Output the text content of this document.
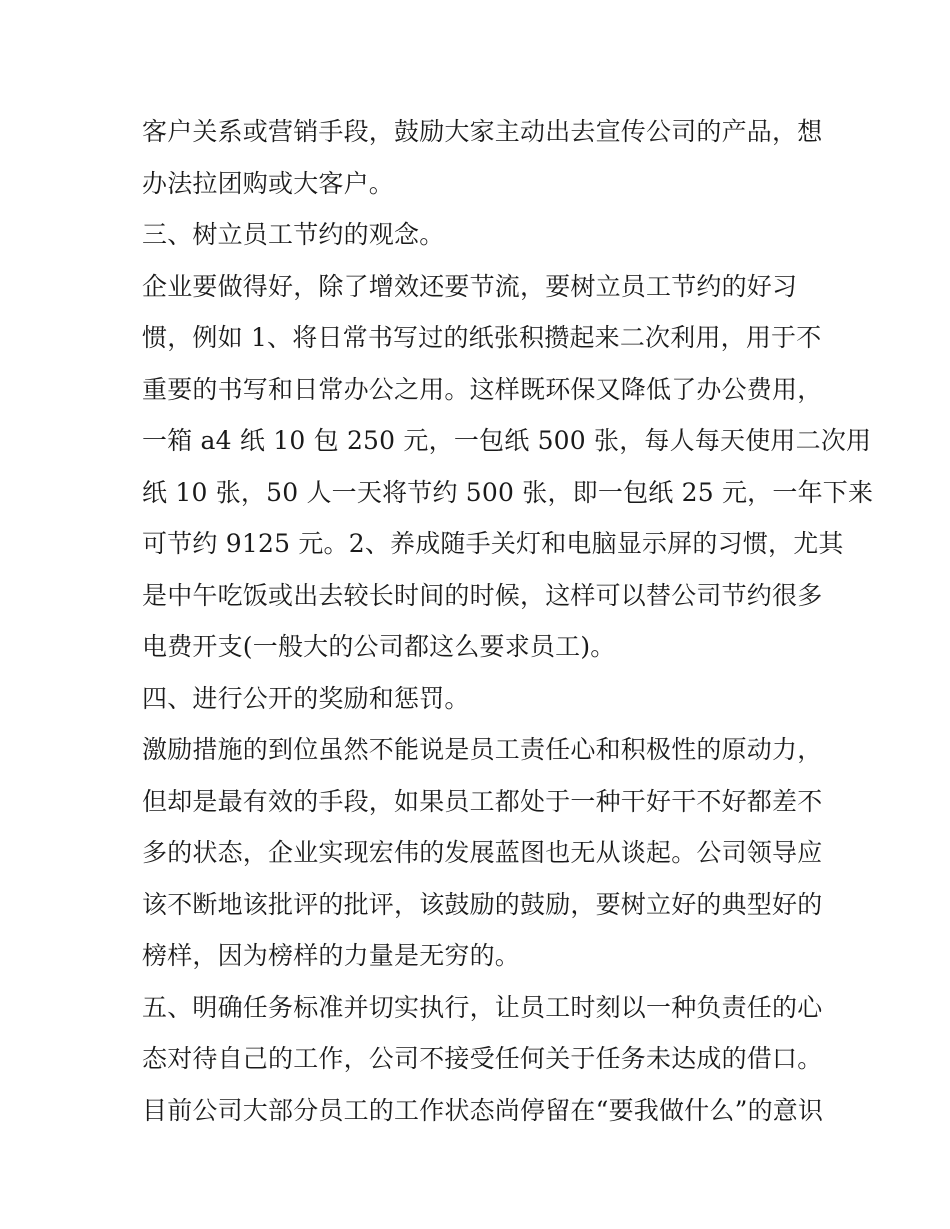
客户关系或营销手段，鼓励大家主动出去宣传公司的产品，想
办法拉团购或大客户。
三、树立员工节约的观念。
企业要做得好，除了增效还要节流，要树立员工节约的好习
惯，例如 1、将日常书写过的纸张积攒起来二次利用，用于不
重要的书写和日常办公之用。这样既环保又降低了办公费用，
一箱 a4 纸 10 包 250 元，一包纸 500 张，每人每天使用二次用
纸 10 张，50 人一天将节约 500 张，即一包纸 25 元，一年下来
可节约 9125 元。2、养成随手关灯和电脑显示屏的习惯，尤其
是中午吃饭或出去较长时间的时候，这样可以替公司节约很多
电费开支(一般大的公司都这么要求员工)。
四、进行公开的奖励和惩罚。
激励措施的到位虽然不能说是员工责任心和积极性的原动力，
但却是最有效的手段，如果员工都处于一种干好干不好都差不
多的状态，企业实现宏伟的发展蓝图也无从谈起。公司领导应
该不断地该批评的批评，该鼓励的鼓励，要树立好的典型好的
榜样，因为榜样的力量是无穷的。
五、明确任务标准并切实执行，让员工时刻以一种负责任的心
态对待自己的工作，公司不接受任何关于任务未达成的借口。
目前公司大部分员工的工作状态尚停留在“要我做什么”的意识
